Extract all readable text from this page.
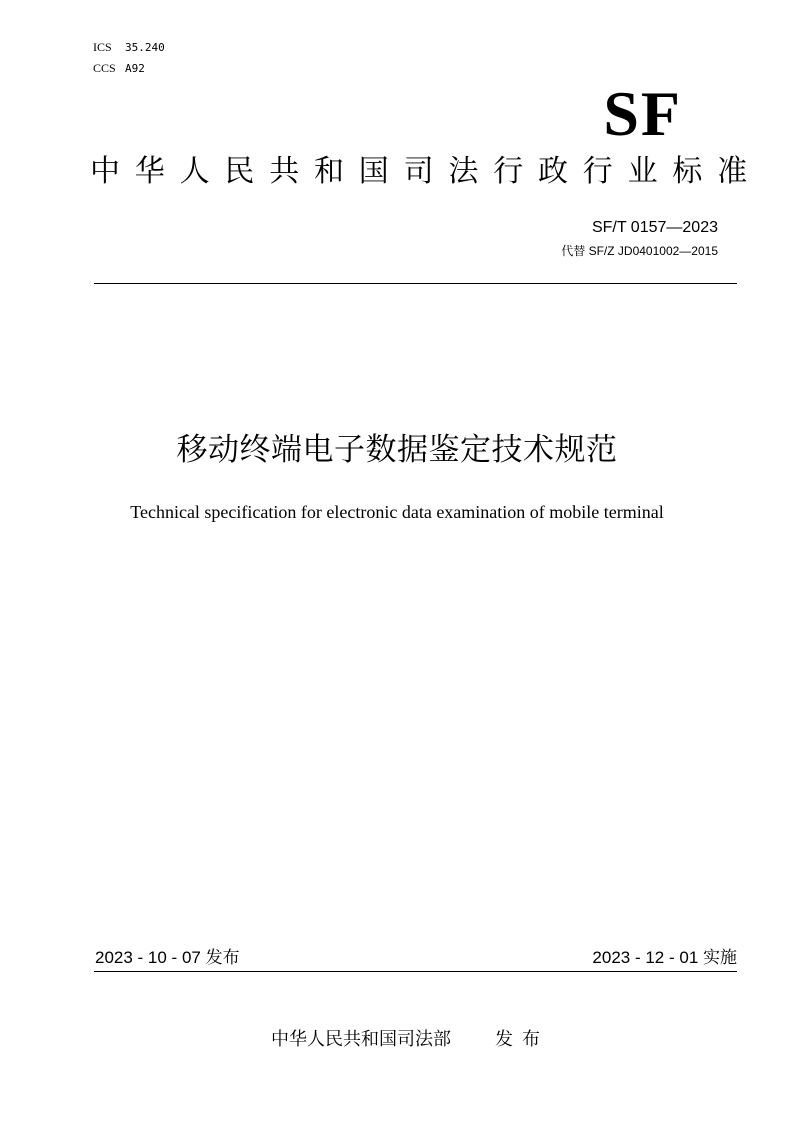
ICS 35.240
CCS A92
SF
中华人民共和国司法行政行业标准
SF/T 0157—2023
代替 SF/Z JD0401002—2015
移动终端电子数据鉴定技术规范
Technical specification for electronic data examination of mobile terminal
2023 - 10 - 07 发布	2023 - 12 - 01 实施
中华人民共和国司法部 发布
